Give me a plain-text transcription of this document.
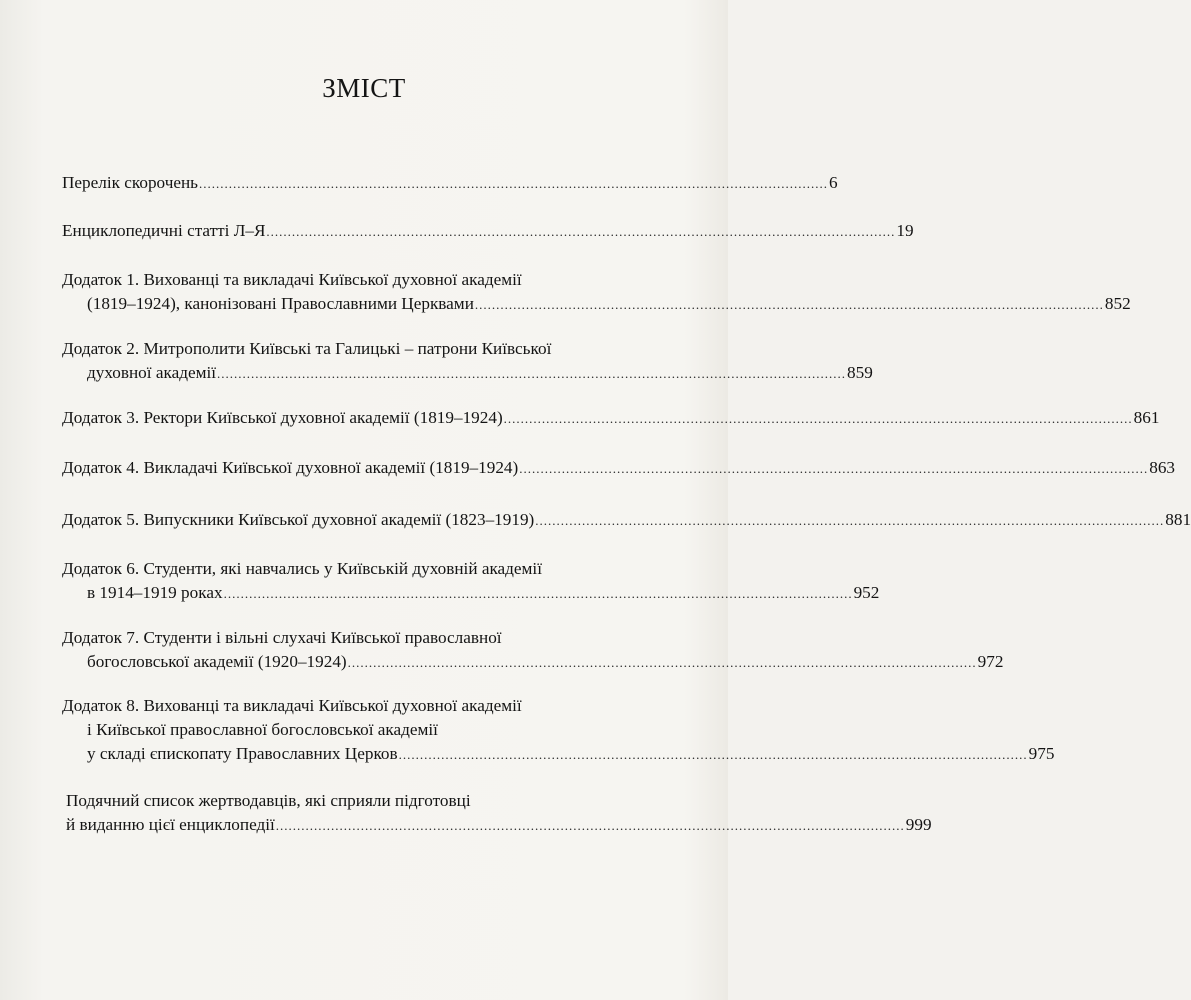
ЗМІСТ
Перелік скорочень .................................................................................................................................................... 6
Енциклопедичні статті Л–Я .................................................................................................................................................... 19
Додаток 1. Вихованці та викладачі Київської духовної академії
(1819–1924), канонізовані Православними Церквами .................................................................................................................................................... 852
Додаток 2. Митрополити Київські та Галицькі – патрони Київської
духовної академії .................................................................................................................................................... 859
Додаток 3. Ректори Київської духовної академії (1819–1924) .................................................................................................................................................... 861
Додаток 4. Викладачі Київської духовної академії (1819–1924) .................................................................................................................................................... 863
Додаток 5. Випускники Київської духовної академії (1823–1919) .................................................................................................................................................... 881
Додаток 6. Студенти, які навчались у Київській духовній академії
в 1914–1919 роках .................................................................................................................................................... 952
Додаток 7. Студенти і вільні слухачі Київської православної
богословської академії (1920–1924) .................................................................................................................................................... 972
Додаток 8. Вихованці та викладачі Київської духовної академії
і Київської православної богословської академії
у складі єпископату Православних Церков .................................................................................................................................................... 975
Подячний список жертводавців, які сприяли підготовці
й виданню цієї енциклопедії .................................................................................................................................................... 999
